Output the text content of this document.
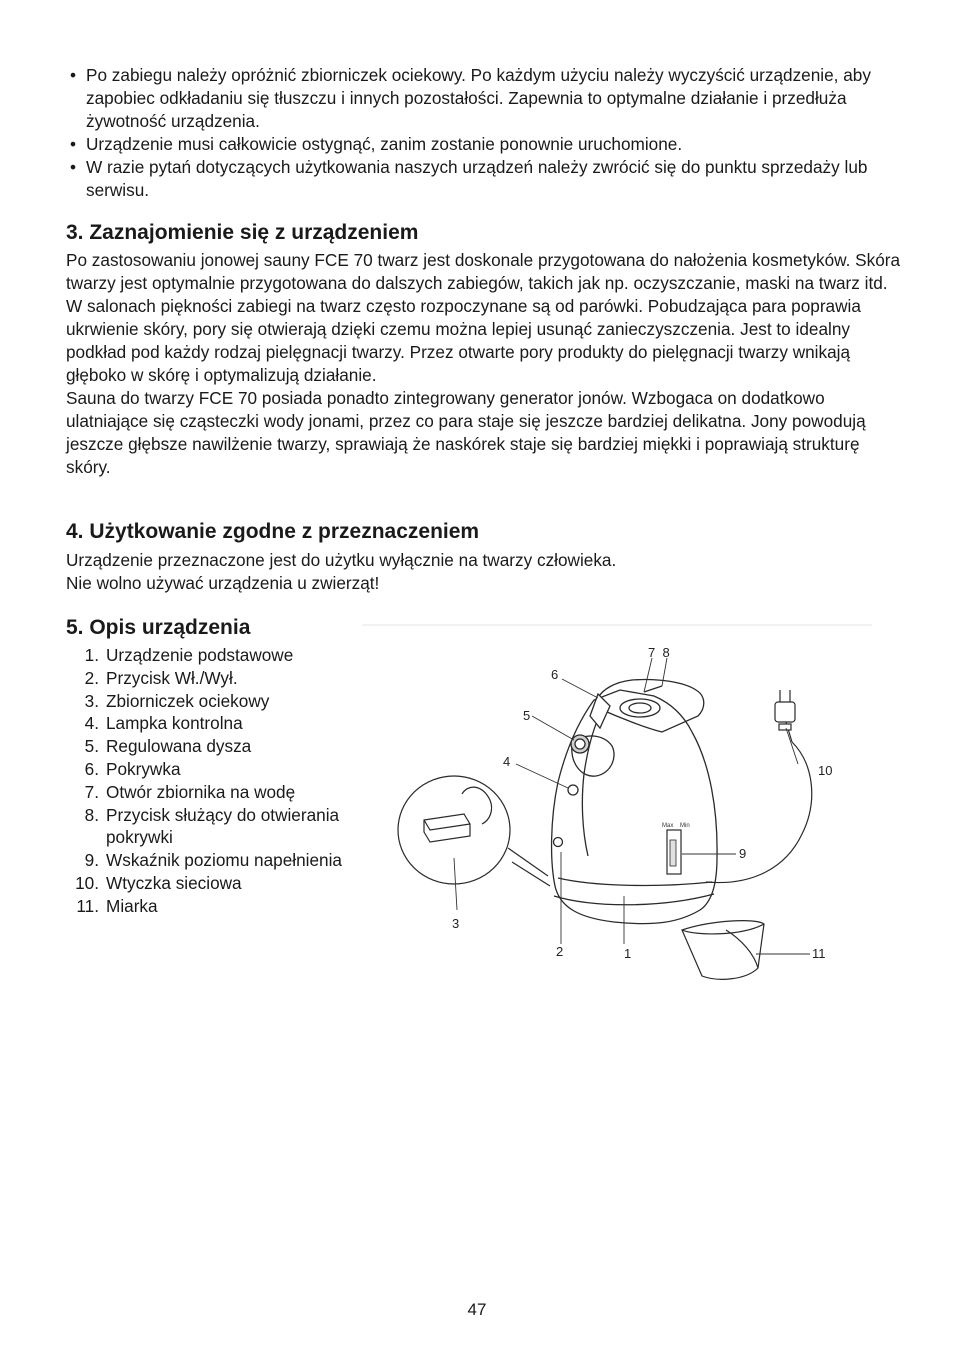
• Po zabiegu należy opróżnić zbiorniczek ociekowy. Po każdym użyciu należy wyczyścić urządzenie, aby zapobiec odkładaniu się tłuszczu i innych pozostałości. Zapewnia to optymalne działanie i przedłuża żywotność urządzenia.
• Urządzenie musi całkowicie ostygnąć, zanim zostanie ponownie uruchomione.
• W razie pytań dotyczących użytkowania naszych urządzeń należy zwrócić się do punktu sprzedaży lub serwisu.
3. Zaznajomienie się z urządzeniem

Po zastosowaniu jonowej sauny FCE 70 twarz jest doskonale przygotowana do nałożenia kosmetyków. Skóra twarzy jest optymalnie przygotowana do dalszych zabiegów, takich jak np. oczyszczanie, maski na twarz itd.

W salonach piękności zabiegi na twarz często rozpoczynane są od parówki. Pobudzająca para poprawia ukrwienie skóry, pory się otwierają dzięki czemu można lepiej usunąć zanieczyszczenia. Jest to idealny podkład pod każdy rodzaj pielęgnacji twarzy. Przez otwarte pory produkty do pielęgnacji twarzy wnikają głęboko w skórę i optymalizują działanie.

Sauna do twarzy FCE 70 posiada ponadto zintegrowany generator jonów. Wzbogaca on dodatkowo ulatniające się cząsteczki wody jonami, przez co para staje się jeszcze bardziej delikatna. Jony powodują jeszcze głębsze nawilżenie twarzy, sprawiają że naskórek staje się bardziej miękki i poprawiają strukturę skóry.

4. Użytkowanie zgodne z przeznaczeniem

Urządzenie przeznaczone jest do użytku wyłącznie na twarzy człowieka.

Nie wolno używać urządzenia u zwierząt!

5. Opis urządzenia
1. Urządzenie podstawowe
2. Przycisk Wł./Wył.
3. Zbiorniczek ociekowy
4. Lampka kontrolna
5. Regulowana dysza
6. Pokrywka
7. Otwór zbiornika na wodę
8. Przycisk służący do otwierania pokrywki
9. Wskaźnik poziomu napełnienia
10. Wtyczka sieciowa
11. Miarka
Max Min
1
2
3
4
5
6
7  8
9
10
11
47
